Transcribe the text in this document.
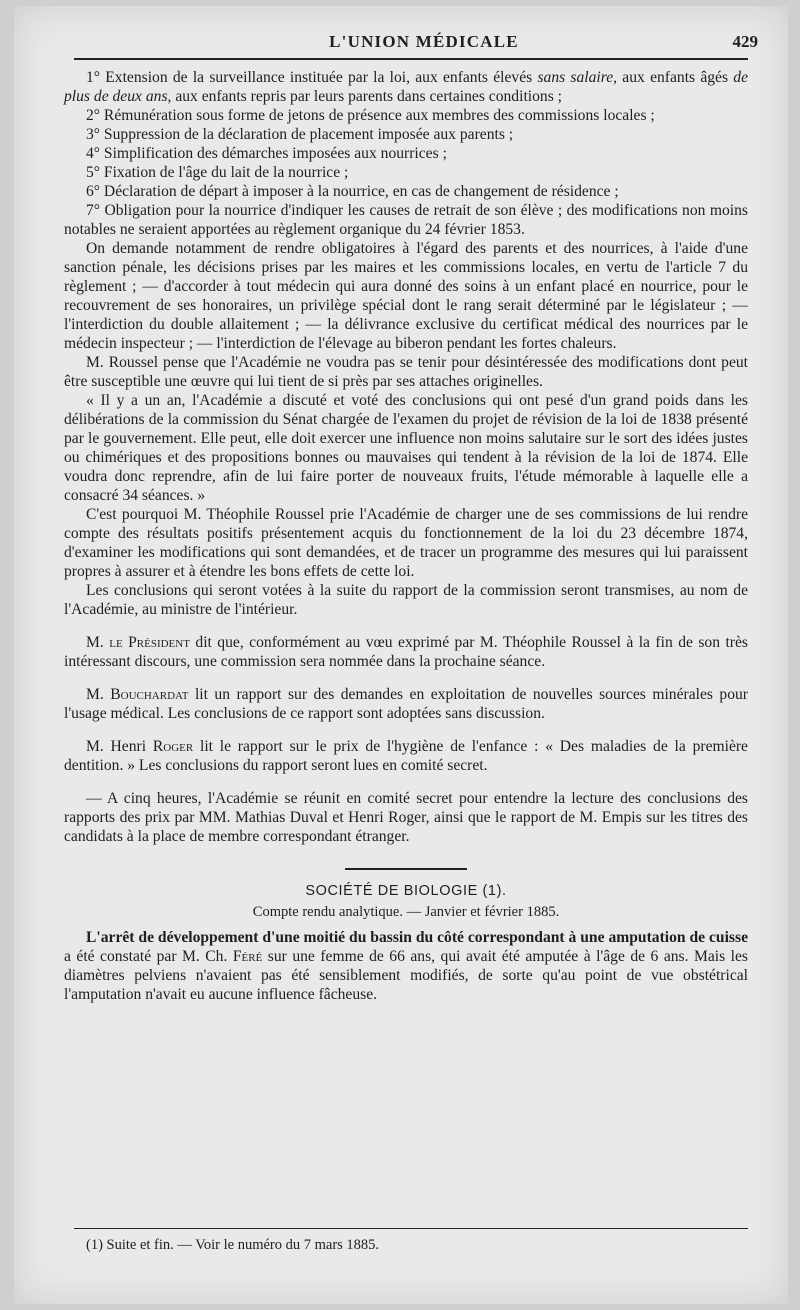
L'UNION MÉDICALE	429

1° Extension de la surveillance instituée par la loi, aux enfants élevés sans salaire, aux enfants âgés de plus de deux ans, aux enfants repris par leurs parents dans certaines conditions ;

2° Rémunération sous forme de jetons de présence aux membres des commissions locales ;

3° Suppression de la déclaration de placement imposée aux parents ;

4° Simplification des démarches imposées aux nourrices ;

5° Fixation de l'âge du lait de la nourrice ;

6° Déclaration de départ à imposer à la nourrice, en cas de changement de résidence ;

7° Obligation pour la nourrice d'indiquer les causes de retrait de son élève ; des modifications non moins notables ne seraient apportées au règlement organique du 24 février 1853.

On demande notamment de rendre obligatoires à l'égard des parents et des nourrices, à l'aide d'une sanction pénale, les décisions prises par les maires et les commissions locales, en vertu de l'article 7 du règlement ; — d'accorder à tout médecin qui aura donné des soins à un enfant placé en nourrice, pour le recouvrement de ses honoraires, un privilège spécial dont le rang serait déterminé par le législateur ; — l'interdiction du double allaitement ; — la délivrance exclusive du certificat médical des nourrices par le médecin inspecteur ; — l'interdiction de l'élevage au biberon pendant les fortes chaleurs.

M. Roussel pense que l'Académie ne voudra pas se tenir pour désintéressée des modifications dont peut être susceptible une œuvre qui lui tient de si près par ses attaches originelles.

« Il y a un an, l'Académie a discuté et voté des conclusions qui ont pesé d'un grand poids dans les délibérations de la commission du Sénat chargée de l'examen du projet de révision de la loi de 1838 présenté par le gouvernement. Elle peut, elle doit exercer une influence non moins salutaire sur le sort des idées justes ou chimériques et des propositions bonnes ou mauvaises qui tendent à la révision de la loi de 1874. Elle voudra donc reprendre, afin de lui faire porter de nouveaux fruits, l'étude mémorable à laquelle elle a consacré 34 séances. »

C'est pourquoi M. Théophile Roussel prie l'Académie de charger une de ses commissions de lui rendre compte des résultats positifs présentement acquis du fonctionnement de la loi du 23 décembre 1874, d'examiner les modifications qui sont demandées, et de tracer un programme des mesures qui lui paraissent propres à assurer et à étendre les bons effets de cette loi.

Les conclusions qui seront votées à la suite du rapport de la commission seront transmises, au nom de l'Académie, au ministre de l'intérieur.

M. le Président dit que, conformément au vœu exprimé par M. Théophile Roussel à la fin de son très intéressant discours, une commission sera nommée dans la prochaine séance.

M. Bouchardat lit un rapport sur des demandes en exploitation de nouvelles sources minérales pour l'usage médical. Les conclusions de ce rapport sont adoptées sans discussion.

M. Henri Roger lit le rapport sur le prix de l'hygiène de l'enfance : « Des maladies de la première dentition. » Les conclusions du rapport seront lues en comité secret.

— A cinq heures, l'Académie se réunit en comité secret pour entendre la lecture des conclusions des rapports des prix par MM. Mathias Duval et Henri Roger, ainsi que le rapport de M. Empis sur les titres des candidats à la place de membre correspondant étranger.

SOCIÉTÉ DE BIOLOGIE (1).

Compte rendu analytique. — Janvier et février 1885.

L'arrêt de développement d'une moitié du bassin du côté correspondant à une amputation de cuisse a été constaté par M. Ch. Féré sur une femme de 66 ans, qui avait été amputée à l'âge de 6 ans. Mais les diamètres pelviens n'avaient pas été sensiblement modifiés, de sorte qu'au point de vue obstétrical l'amputation n'avait eu aucune influence fâcheuse.

(1) Suite et fin. — Voir le numéro du 7 mars 1885.
